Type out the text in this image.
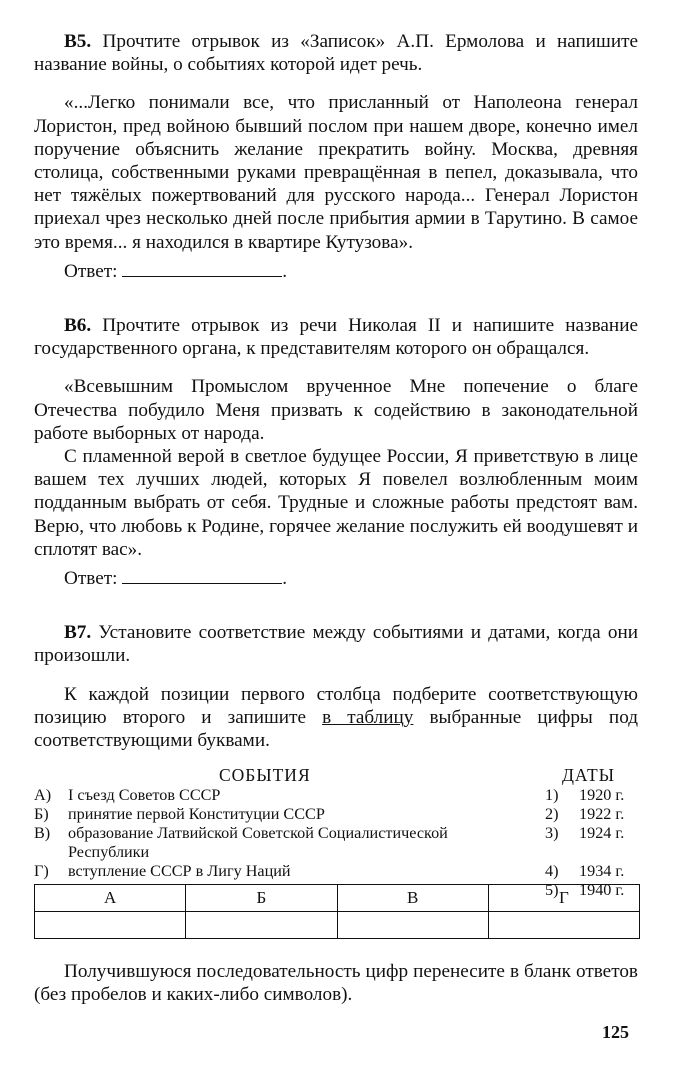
В5. Прочтите отрывок из «Записок» А.П. Ермолова и напишите название войны, о событиях которой идет речь.

«...Легко понимали все, что присланный от Наполеона генерал Лористон, пред войною бывший послом при нашем дворе, конечно имел поручение объяснить желание прекратить войну. Москва, древняя столица, собственными руками превращённая в пепел, доказывала, что нет тяжёлых пожертвований для русского народа... Генерал Лористон приехал чрез несколько дней после прибытия армии в Тарутино. В самое это время... я находился в квартире Кутузова».

Ответ:	.

В6. Прочтите отрывок из речи Николая II и напишите название государственного органа, к представителям которого он обращался.

«Всевышним Промыслом врученное Мне попечение о благе Отечества побудило Меня призвать к содействию в законодательной работе выборных от народа.

С пламенной верой в светлое будущее России, Я приветствую в лице вашем тех лучших людей, которых Я повелел возлюбленным моим подданным выбрать от себя. Трудные и сложные работы предстоят вам. Верю, что любовь к Родине, горячее желание послужить ей воодушевят и сплотят вас».

Ответ:	.

В7. Установите соответствие между событиями и датами, когда они произошли.

К каждой позиции первого столбца подберите соответствующую позицию второго и запишите в таблицу выбранные цифры под соответствующими буквами.

СОБЫТИЯ	ДАТЫ
А)	I съезд Советов СССР
Б)	принятие первой Конституции СССР
В)	образование Латвийской Советской Социалистической Республики
Г)	вступление СССР в Лигу Наций
1)	1920 г.
2)	1922 г.
3)	1924 г.
4)	1934 г.
5)	1940 г.
А	Б	В	Г

Получившуюся последовательность цифр перенесите в бланк ответов (без пробелов и каких-либо символов).

125
